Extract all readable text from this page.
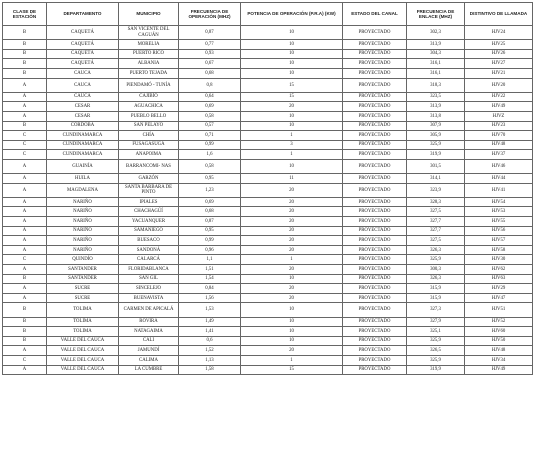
CLASE DE ESTACIÓN	DEPARTAMENTO	MUNICIPIO	FRECUENCIA DE OPERACIÓN (MHZ)	POTENCIA DE OPERACIÓN (P.R.A) (KW)	ESTADO DEL CANAL	FRECUENCIA DE ENLACE (MHZ)	DISTINTIVO DE LLAMADA
B	CAQUETÁ	SAN VICENTE DEL CAGUÁN	0,87	10	PROYECTADO	302,3	HJV24
B	CAQUETÁ	MORELIA	0,77	10	PROYECTADO	313,9	HJV25
B	CAQUETÁ	PUERTO RICO	0,93	10	PROYECTADO	304,3	HJV26
B	CAQUETÁ	ALBANIA	0,67	10	PROYECTADO	316,1	HJV27
B	CAUCA	PUERTO TEJADA	0,68	10	PROYECTADO	316,1	HJV21
A	CAUCA	PIENDAMÓ - TUNÍA	0,8	15	PROYECTADO	318,3	HJV20
A	CAUCA	CAJIBÍO	0,64	15	PROYECTADO	323,5	HJV22
A	CESAR	AGUACHICA	0,69	20	PROYECTADO	313,9	HJV49
A	CESAR	PUEBLO BELLO	0,58	10	PROYECTADO	313,8	HJVZ
B	CÓRDOBA	SAN PELAYO	0,57	10	PROYECTADO	307,9	HJV23
C	CUNDINAMARCA	CHÍA	0,71	1	PROYECTADO	305,9	HJV70
C	CUNDINAMARCA	FUSAGASUGÁ	0,99	3	PROYECTADO	325,9	HJV48
C	CUNDINAMARCA	ANAPOIMA	1,6	1	PROYECTADO	319,9	HJV37
A	GUAINÍA	BARRANCOMI- NAS	0,58	10	PROYECTADO	301,5	HJV46
A	HUILA	GARZÓN	0,95	11	PROYECTADO	314,1	HJV44
A	MAGDALENA	SANTA BÁRBARA DE PINTO	1,23	20	PROYECTADO	323,9	HJV41
A	NARIÑO	IPIALES	0,69	20	PROYECTADO	328,3	HJV54
A	NARIÑO	CHACHAGÜÍ	0,68	20	PROYECTADO	327,5	HJV53
A	NARIÑO	YACUANQUER	0,87	20	PROYECTADO	327,7	HJV55
A	NARIÑO	SAMANIEGO	0,95	20	PROYECTADO	327,7	HJV56
A	NARIÑO	BUESACO	0,99	20	PROYECTADO	327,5	HJV57
A	NARIÑO	SANDONÁ	0,96	20	PROYECTADO	326,3	HJV58
C	QUINDÍO	CALARCÁ	1,1	1	PROYECTADO	325,9	HJV30
A	SANTANDER	FLORIDABLANCA	1,51	20	PROYECTADO	300,3	HJV62
B	SANTANDER	SAN GIL	1,54	10	PROYECTADO	326,3	HJV63
A	SUCRE	SINCELEJO	0,84	20	PROYECTADO	315,9	HJV29
A	SUCRE	BUENAVISTA	1,56	20	PROYECTADO	315,9	HJV47
B	TOLIMA	CARMEN DE APICALÁ	1,53	10	PROYECTADO	327,3	HJV51
B	TOLIMA	ROVIRA	1,49	10	PROYECTADO	327,9	HJV52
B	TOLIMA	NATAGAIMA	1,41	10	PROYECTADO	325,1	HJV60
B	VALLE DEL CAUCA	CALI	0,6	10	PROYECTADO	325,9	HJV50
A	VALLE DEL CAUCA	JAMUNDÍ	1,52	20	PROYECTADO	326,5	HJV48
C	VALLE DEL CAUCA	CALIMA	1,13	1	PROYECTADO	325,9	HJV34
A	VALLE DEL CAUCA	LA CUMBRE	1,58	15	PROYECTADO	319,9	HJV49
